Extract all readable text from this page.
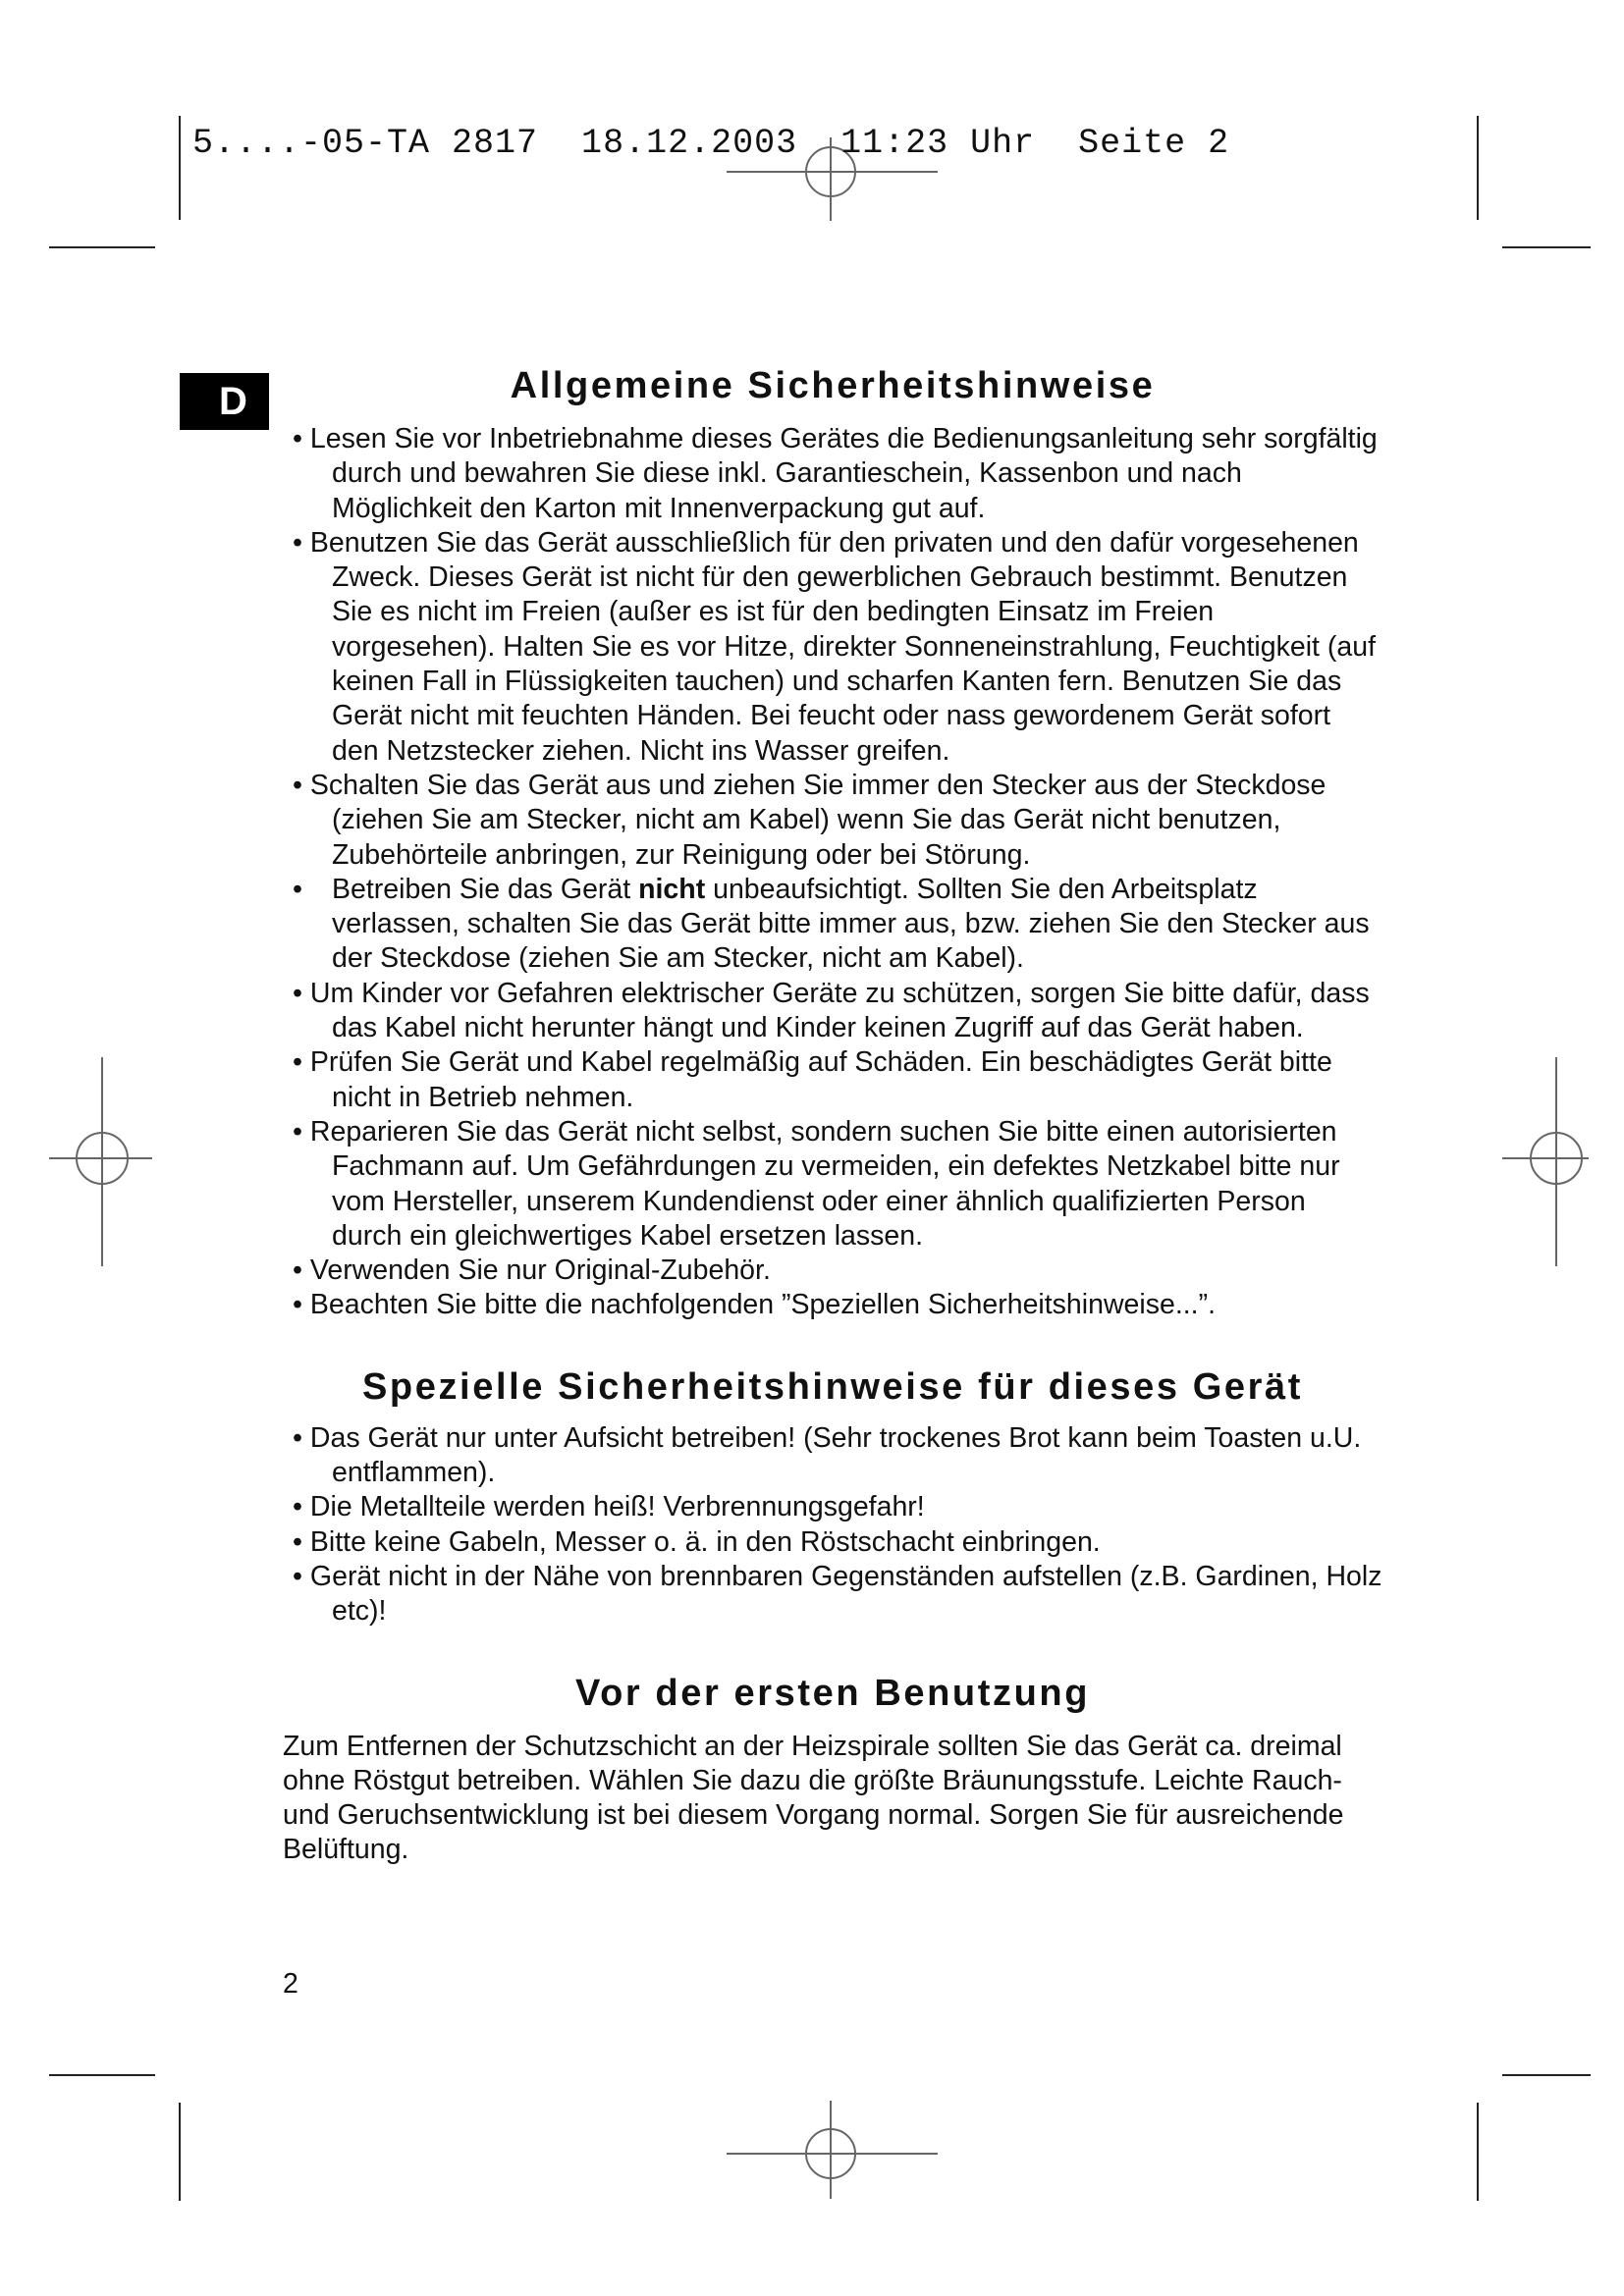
5....-05-TA 2817  18.12.2003  11:23 Uhr  Seite 2
D	Allgemeine Sicherheitshinweise
• Lesen Sie vor Inbetriebnahme dieses Gerätes die Bedienungsanleitung sehr sorgfältig durch und bewahren Sie diese inkl. Garantieschein, Kassenbon und nach Möglichkeit den Karton mit Innenverpackung gut auf.
• Benutzen Sie das Gerät ausschließlich für den privaten und den dafür vorgesehenen Zweck. Dieses Gerät ist nicht für den gewerblichen Gebrauch bestimmt. Benutzen Sie es nicht im Freien (außer es ist für den bedingten Einsatz im Freien vorgesehen). Halten Sie es vor Hitze, direkter Sonneneinstrahlung, Feuchtigkeit (auf keinen Fall in Flüssigkeiten tauchen) und scharfen Kanten fern. Benutzen Sie das Gerät nicht mit feuchten Händen. Bei feucht oder nass gewordenem Gerät sofort den Netzstecker ziehen. Nicht ins Wasser greifen.
• Schalten Sie das Gerät aus und ziehen Sie immer den Stecker aus der Steckdose (ziehen Sie am Stecker, nicht am Kabel) wenn Sie das Gerät nicht benutzen, Zubehörteile anbringen, zur Reinigung oder bei Störung.
• Betreiben Sie das Gerät nicht unbeaufsichtigt. Sollten Sie den Arbeitsplatz verlassen, schalten Sie das Gerät bitte immer aus, bzw. ziehen Sie den Stecker aus der Steckdose (ziehen Sie am Stecker, nicht am Kabel).
• Um Kinder vor Gefahren elektrischer Geräte zu schützen, sorgen Sie bitte dafür, dass das Kabel nicht herunter hängt und Kinder keinen Zugriff auf das Gerät haben.
• Prüfen Sie Gerät und Kabel regelmäßig auf Schäden. Ein beschädigtes Gerät bitte nicht in Betrieb nehmen.
• Reparieren Sie das Gerät nicht selbst, sondern suchen Sie bitte einen autorisierten Fachmann auf. Um Gefährdungen zu vermeiden, ein defektes Netzkabel bitte nur vom Hersteller, unserem Kundendienst oder einer ähnlich qualifizierten Person durch ein gleichwertiges Kabel ersetzen lassen.
• Verwenden Sie nur Original-Zubehör.
• Beachten Sie bitte die nachfolgenden ”Speziellen Sicherheitshinweise...”.
Spezielle Sicherheitshinweise für dieses Gerät
• Das Gerät nur unter Aufsicht betreiben! (Sehr trockenes Brot kann beim Toasten u.U. entflammen).
• Die Metallteile werden heiß! Verbrennungsgefahr!
• Bitte keine Gabeln, Messer o. ä. in den Röstschacht einbringen.
• Gerät nicht in der Nähe von brennbaren Gegenständen aufstellen (z.B. Gardinen, Holz etc)!
Vor der ersten Benutzung

Zum Entfernen der Schutzschicht an der Heizspirale sollten Sie das Gerät ca. dreimal ohne Röstgut betreiben. Wählen Sie dazu die größte Bräunungsstufe. Leichte Rauch- und Geruchsentwicklung ist bei diesem Vorgang normal. Sorgen Sie für ausreichende Belüftung.

2
